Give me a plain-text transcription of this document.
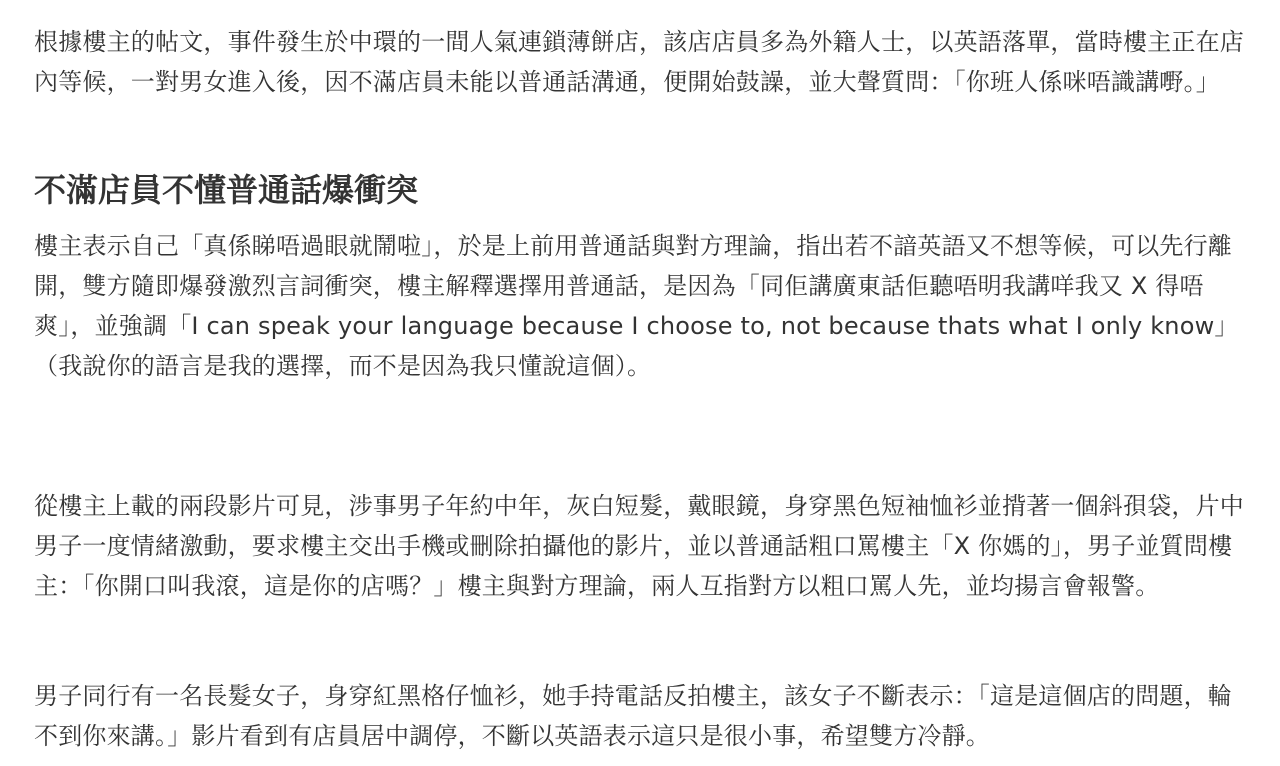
根據樓主的帖文，事件發生於中環的一間人氣連鎖薄餅店，該店店員多為外籍人士，以英語落單，當時樓主正在店內等候，一對男女進入後，因不滿店員未能以普通話溝通，便開始鼓譟，並大聲質問：「你班人係咪唔識講嘢。」

不滿店員不懂普通話爆衝突

樓主表示自己「真係睇唔過眼就鬧啦」，於是上前用普通話與對方理論，指出若不諳英語又不想等候，可以先行離開，雙方隨即爆發激烈言詞衝突，樓主解釋選擇用普通話，是因為「同佢講廣東話佢聽唔明我講咩我又 X 得唔爽」，並強調「I can speak your language because I choose to, not because thats what I only know」（我說你的語言是我的選擇，而不是因為我只懂說這個）。

從樓主上載的兩段影片可見，涉事男子年約中年，灰白短髮，戴眼鏡，身穿黑色短袖恤衫並揹著一個斜孭袋，片中男子一度情緒激動，要求樓主交出手機或刪除拍攝他的影片，並以普通話粗口罵樓主「X 你媽的」，男子並質問樓主：「你開口叫我滾，這是你的店嗎？」樓主與對方理論，兩人互指對方以粗口罵人先，並均揚言會報警。

男子同行有一名長髮女子，身穿紅黑格仔恤衫，她手持電話反拍樓主，該女子不斷表示：「這是這個店的問題，輪不到你來講。」影片看到有店員居中調停，不斷以英語表示這只是很小事，希望雙方冷靜。
